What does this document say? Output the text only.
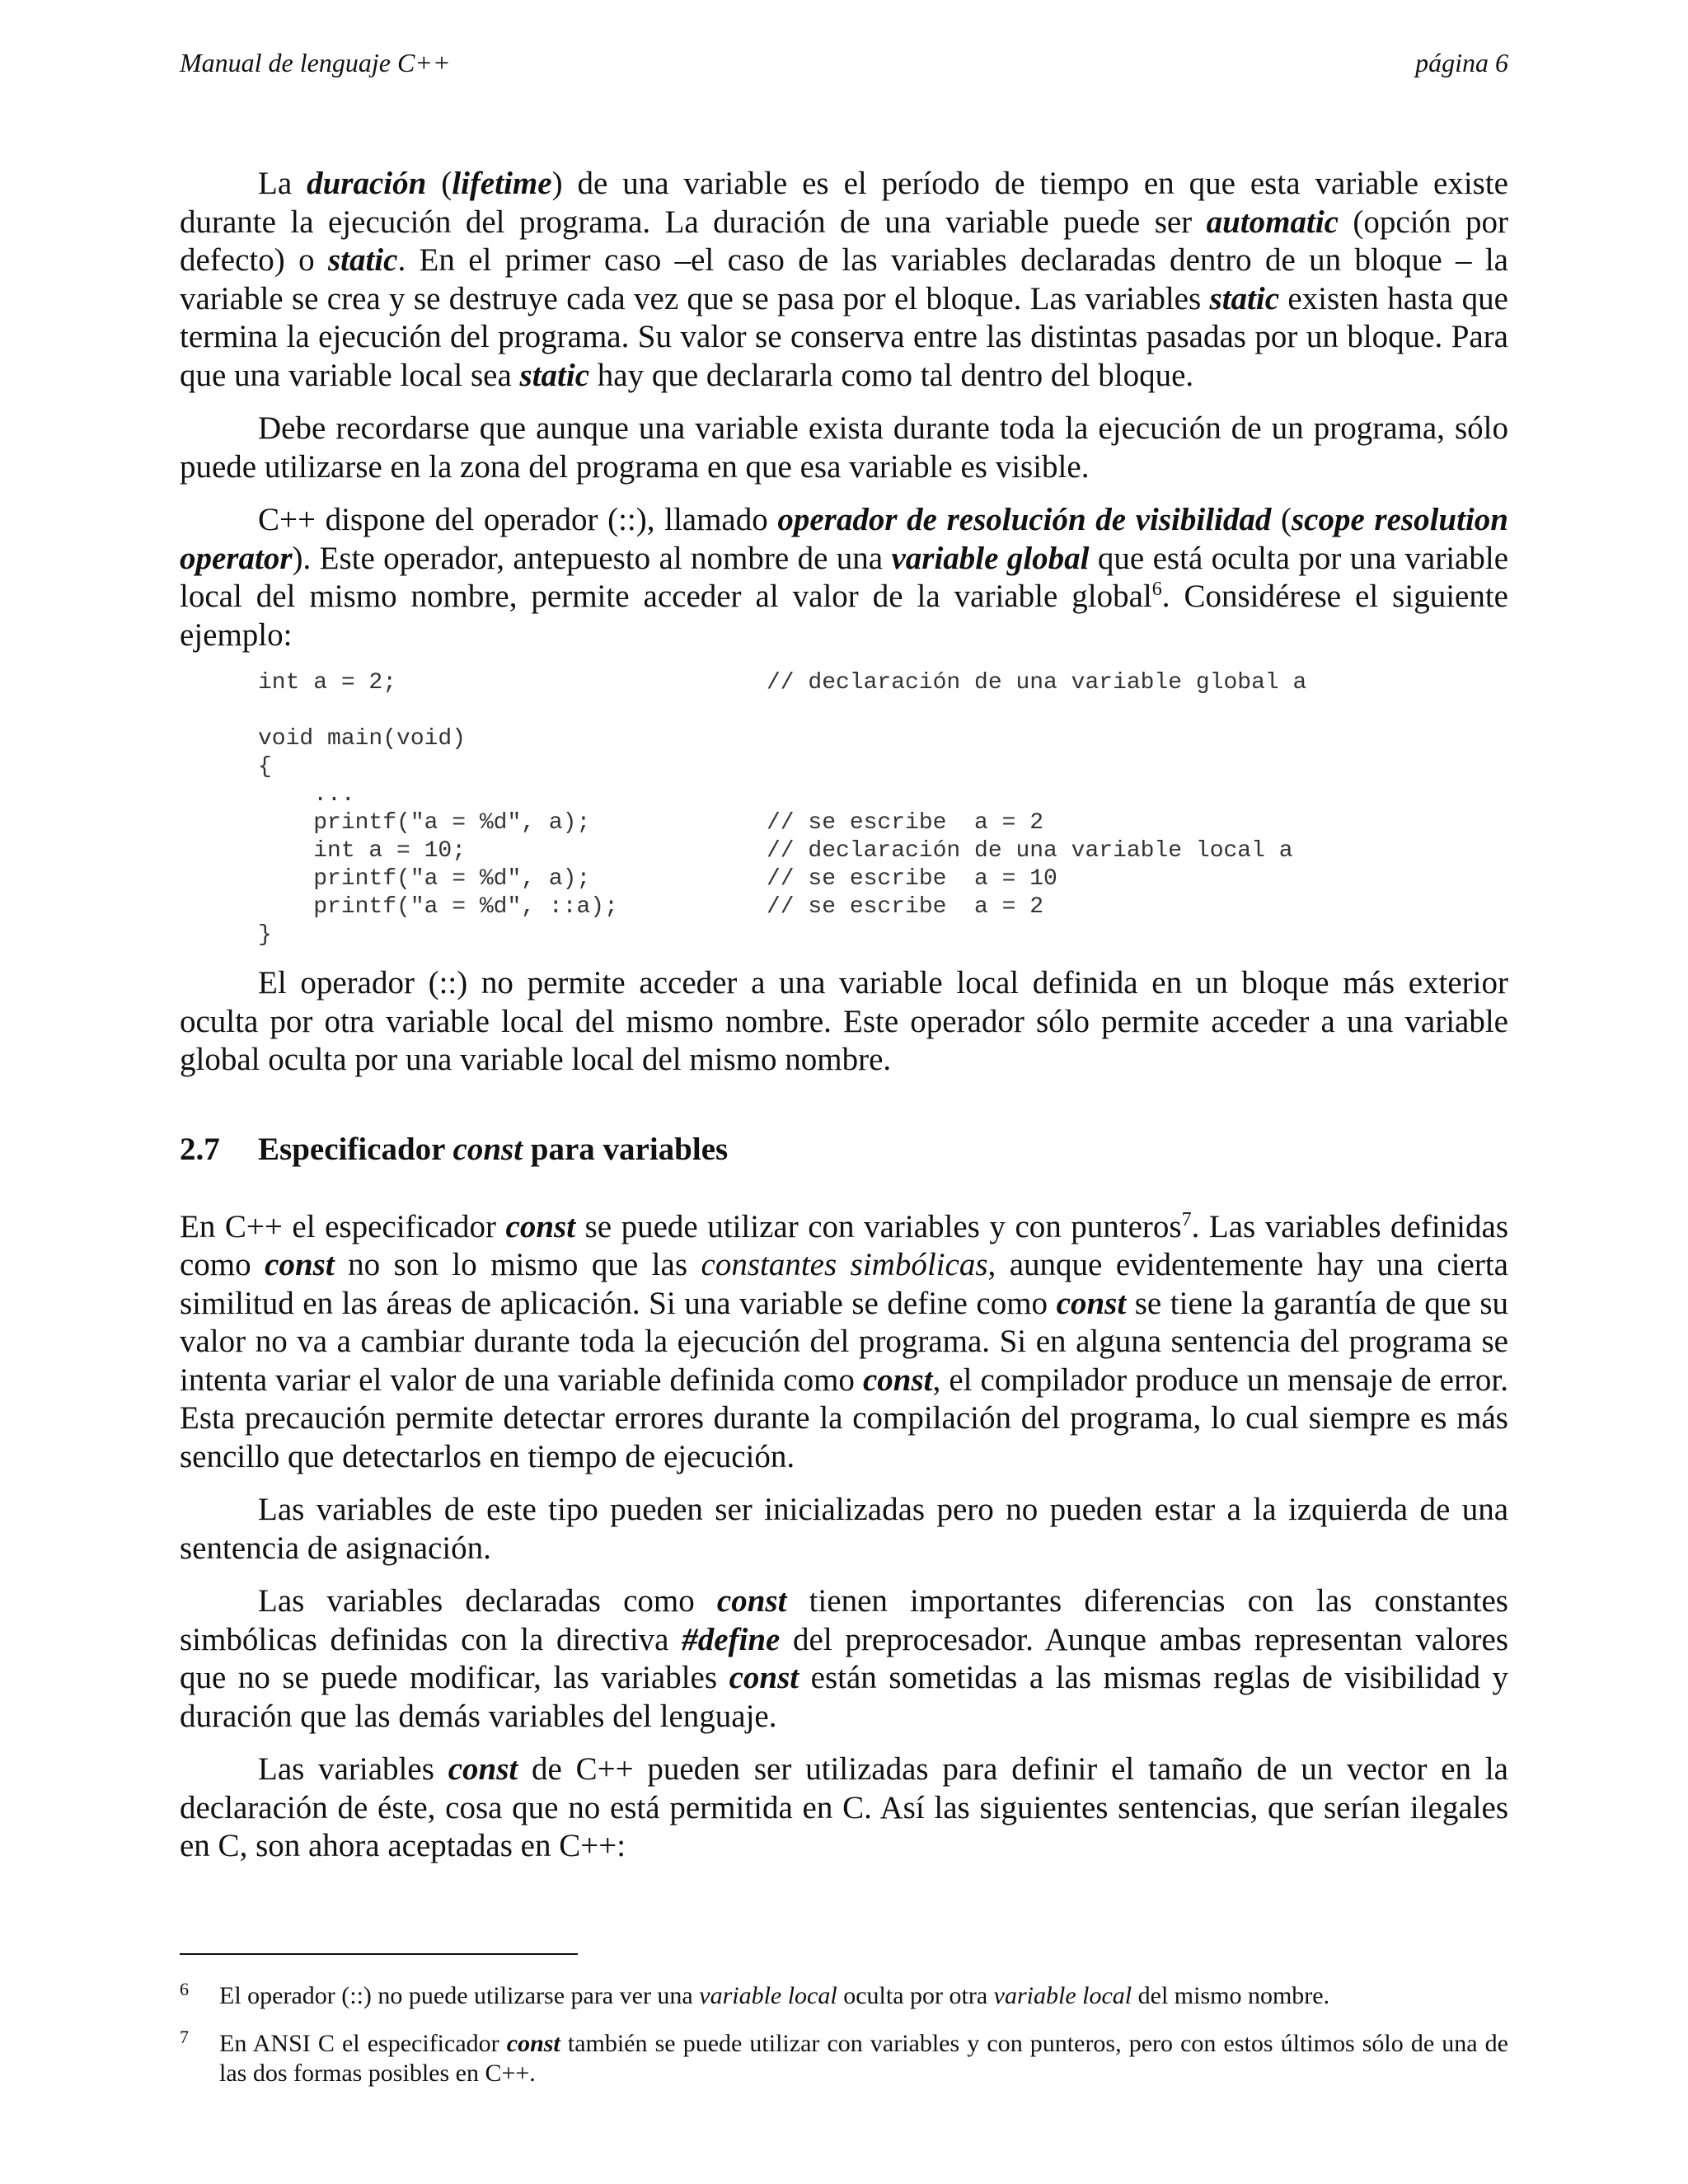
Manual de lenguaje C++	página 6

La duración (lifetime) de una variable es el período de tiempo en que esta variable existe durante la ejecución del programa. La duración de una variable puede ser automatic (opción por defecto) o static. En el primer caso –el caso de las variables declaradas dentro de un bloque – la variable se crea y se destruye cada vez que se pasa por el bloque. Las variables static existen hasta que termina la ejecución del programa. Su valor se conserva entre las distintas pasadas por un bloque. Para que una variable local sea static hay que declararla como tal dentro del bloque.

Debe recordarse que aunque una variable exista durante toda la ejecución de un programa, sólo puede utilizarse en la zona del programa en que esa variable es visible.

C++ dispone del operador (::), llamado operador de resolución de visibilidad (scope resolution operator). Este operador, antepuesto al nombre de una variable global que está oculta por una variable local del mismo nombre, permite acceder al valor de la variable global$^6$. Considérese el siguiente ejemplo:

int a = 2;	// declaración de una variable global a
void main(void)
{
...
printf("a = %d", a);	// se escribe  a = 2
int a = 10;	// declaración de una variable local a
printf("a = %d", a);	// se escribe  a = 10
printf("a = %d", ::a);	// se escribe  a = 2
}

El operador (::) no permite acceder a una variable local definida en un bloque más exterior oculta por otra variable local del mismo nombre. Este operador sólo permite acceder a una variable global oculta por una variable local del mismo nombre.

2.7 Especificador const para variables

En C++ el especificador const se puede utilizar con variables y con punteros$^7$. Las variables definidas como const no son lo mismo que las constantes simbólicas, aunque evidentemente hay una cierta similitud en las áreas de aplicación. Si una variable se define como const se tiene la garantía de que su valor no va a cambiar durante toda la ejecución del programa. Si en alguna sentencia del programa se intenta variar el valor de una variable definida como const, el compilador produce un mensaje de error. Esta precaución permite detectar errores durante la compilación del programa, lo cual siempre es más sencillo que detectarlos en tiempo de ejecución.

Las variables de este tipo pueden ser inicializadas pero no pueden estar a la izquierda de una sentencia de asignación.

Las variables declaradas como const tienen importantes diferencias con las constantes simbólicas definidas con la directiva #define del preprocesador. Aunque ambas representan valores que no se puede modificar, las variables const están sometidas a las mismas reglas de visibilidad y duración que las demás variables del lenguaje.

Las variables const de C++ pueden ser utilizadas para definir el tamaño de un vector en la declaración de éste, cosa que no está permitida en C. Así las siguientes sentencias, que serían ilegales en C, son ahora aceptadas en C++:

6 El operador (::) no puede utilizarse para ver una variable local oculta por otra variable local del mismo nombre.
7 En ANSI C el especificador const también se puede utilizar con variables y con punteros, pero con estos últimos sólo de una de las dos formas posibles en C++.
